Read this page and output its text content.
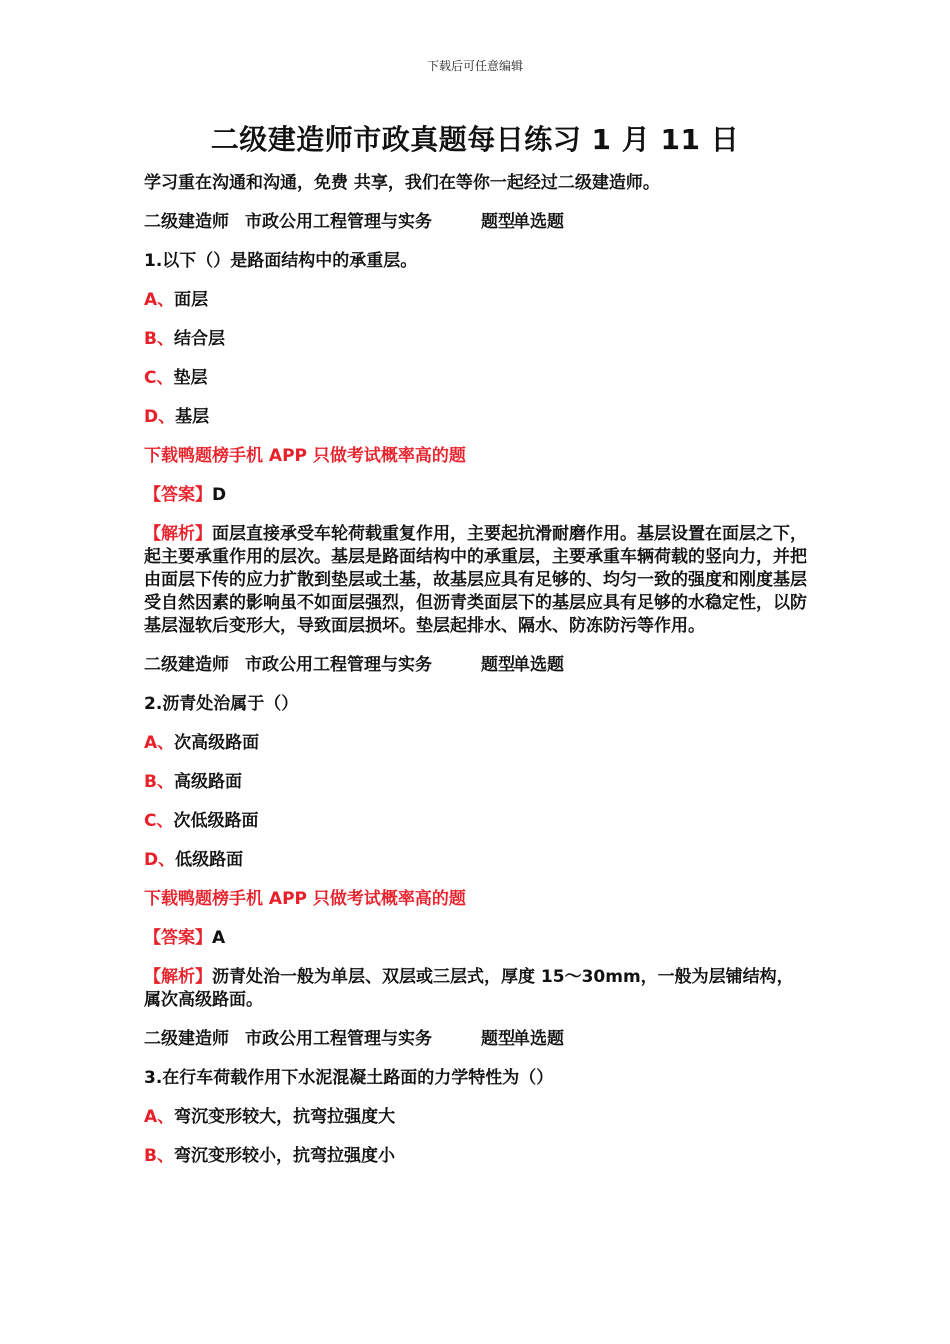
下载后可任意编辑
二级建造师市政真题每日练习 1 月 11 日
学习重在沟通和沟通，免费 共享，我们在等你一起经过二级建造师。
二级建造师 市政公用工程管理与实务	题型单选题
1.以下（）是路面结构中的承重层。
A、面层
B、结合层
C、垫层
D、基层
下载鸭题榜手机 APP 只做考试概率高的题
【答案】D
【解析】面层直接承受车轮荷载重复作用，主要起抗滑耐磨作用。基层设置在面层之下，起主要承重作用的层次。基层是路面结构中的承重层，主要承重车辆荷载的竖向力，并把由面层下传的应力扩散到垫层或土基，故基层应具有足够的、均匀一致的强度和刚度基层受自然因素的影响虽不如面层强烈，但沥青类面层下的基层应具有足够的水稳定性，以防基层湿软后变形大，导致面层损坏。垫层起排水、隔水、防冻防污等作用。
二级建造师 市政公用工程管理与实务	题型单选题
2.沥青处治属于（）
A、次高级路面
B、高级路面
C、次低级路面
D、低级路面
下载鸭题榜手机 APP 只做考试概率高的题
【答案】A
【解析】沥青处治一般为单层、双层或三层式，厚度 15～30mm，一般为层铺结构，属次高级路面。
二级建造师 市政公用工程管理与实务	题型单选题
3.在行车荷载作用下水泥混凝土路面的力学特性为（）
A、弯沉变形较大，抗弯拉强度大
B、弯沉变形较小，抗弯拉强度小
